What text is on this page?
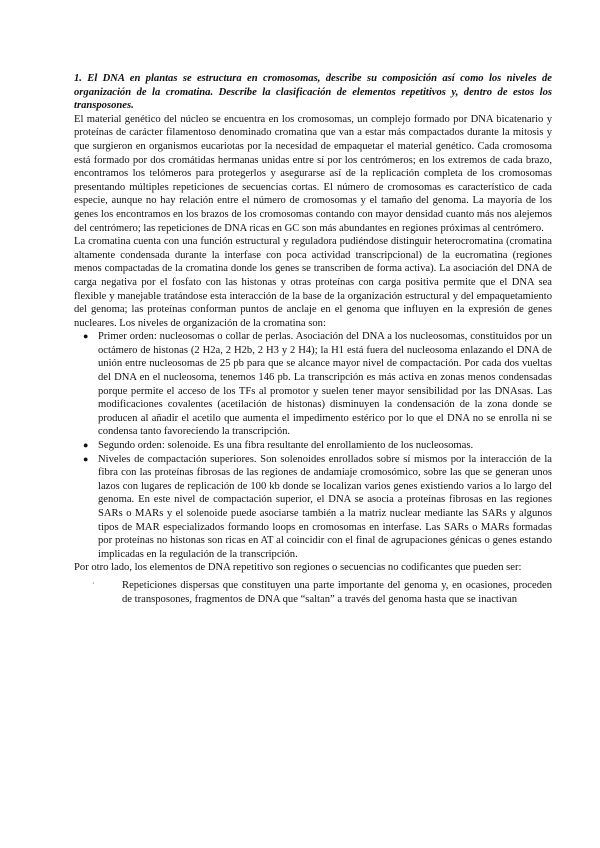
1. El DNA en plantas se estructura en cromosomas, describe su composición así como los niveles de organización de la cromatina. Describe la clasificación de elementos repetitivos y, dentro de estos los transposones.

El material genético del núcleo se encuentra en los cromosomas, un complejo formado por DNA bicatenario y proteínas de carácter filamentoso denominado cromatina que van a estar más compactados durante la mitosis y que surgieron en organismos eucariotas por la necesidad de empaquetar el material genético. Cada cromosoma está formado por dos cromátidas hermanas unidas entre sí por los centrómeros; en los extremos de cada brazo, encontramos los telómeros para protegerlos y asegurarse así de la replicación completa de los cromosomas presentando múltiples repeticiones de secuencias cortas. El número de cromosomas es característico de cada especie, aunque no hay relación entre el número de cromosomas y el tamaño del genoma. La mayoría de los genes los encontramos en los brazos de los cromosomas contando con mayor densidad cuanto más nos alejemos del centrómero; las repeticiones de DNA ricas en GC son más abundantes en regiones próximas al centrómero.

La cromatina cuenta con una función estructural y reguladora pudiéndose distinguir heterocromatina (cromatina altamente condensada durante la interfase con poca actividad transcripcional) de la eucromatina (regiones menos compactadas de la cromatina donde los genes se transcriben de forma activa). La asociación del DNA de carga negativa por el fosfato con las histonas y otras proteínas con carga positiva permite que el DNA sea flexible y manejable tratándose esta interacción de la base de la organización estructural y del empaquetamiento del genoma; las proteínas conforman puntos de anclaje en el genoma que influyen en la expresión de genes nucleares. Los niveles de organización de la cromatina son:

● Primer orden: nucleosomas o collar de perlas. Asociación del DNA a los nucleosomas, constituidos por un octámero de histonas (2 H2a, 2 H2b, 2 H3 y 2 H4); la H1 está fuera del nucleosoma enlazando el DNA de unión entre nucleosomas de 25 pb para que se alcance mayor nivel de compactación. Por cada dos vueltas del DNA en el nucleosoma, tenemos 146 pb. La transcripción es más activa en zonas menos condensadas porque permite el acceso de los TFs al promotor y suelen tener mayor sensibilidad por las DNAsas. Las modificaciones covalentes (acetilación de histonas) disminuyen la condensación de la zona donde se producen al añadir el acetilo que aumenta el impedimento estérico por lo que el DNA no se enrolla ni se condensa tanto favoreciendo la transcripción.
● Segundo orden: solenoide. Es una fibra resultante del enrollamiento de los nucleosomas.
● Niveles de compactación superiores. Son solenoides enrollados sobre sí mismos por la interacción de la fibra con las proteínas fibrosas de las regiones de andamiaje cromosómico, sobre las que se generan unos lazos con lugares de replicación de 100 kb donde se localizan varios genes existiendo varios a lo largo del genoma. En este nivel de compactación superior, el DNA se asocia a proteínas fibrosas en las regiones SARs o MARs y el solenoide puede asociarse también a la matriz nuclear mediante las SARs y algunos tipos de MAR especializados formando loops en cromosomas en interfase. Las SARs o MARs formadas por proteínas no histonas son ricas en AT al coincidir con el final de agrupaciones génicas o genes estando implicadas en la regulación de la transcripción.

Por otro lado, los elementos de DNA repetitivo son regiones o secuencias no codificantes que pueden ser:

·	Repeticiones dispersas que constituyen una parte importante del genoma y, en ocasiones, proceden de transposones, fragmentos de DNA que “saltan” a través del genoma hasta que se inactivan
